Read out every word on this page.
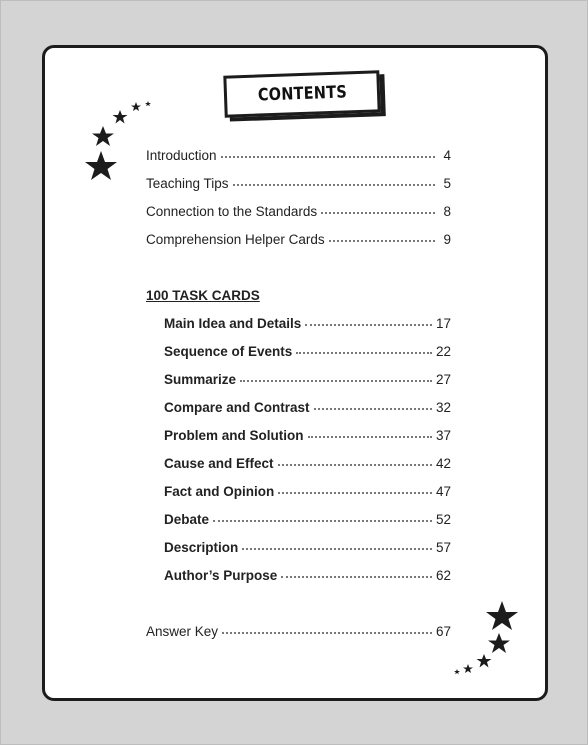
CONTENTS
Introduction	4
Teaching Tips	5
Connection to the Standards	8
Comprehension Helper Cards	9
100 TASK CARDS
Main Idea and Details	17
Sequence of Events	22
Summarize	27
Compare and Contrast	32
Problem and Solution	37
Cause and Effect	42
Fact and Opinion	47
Debate	52
Description	57
Author’s Purpose	62
Answer Key	67
